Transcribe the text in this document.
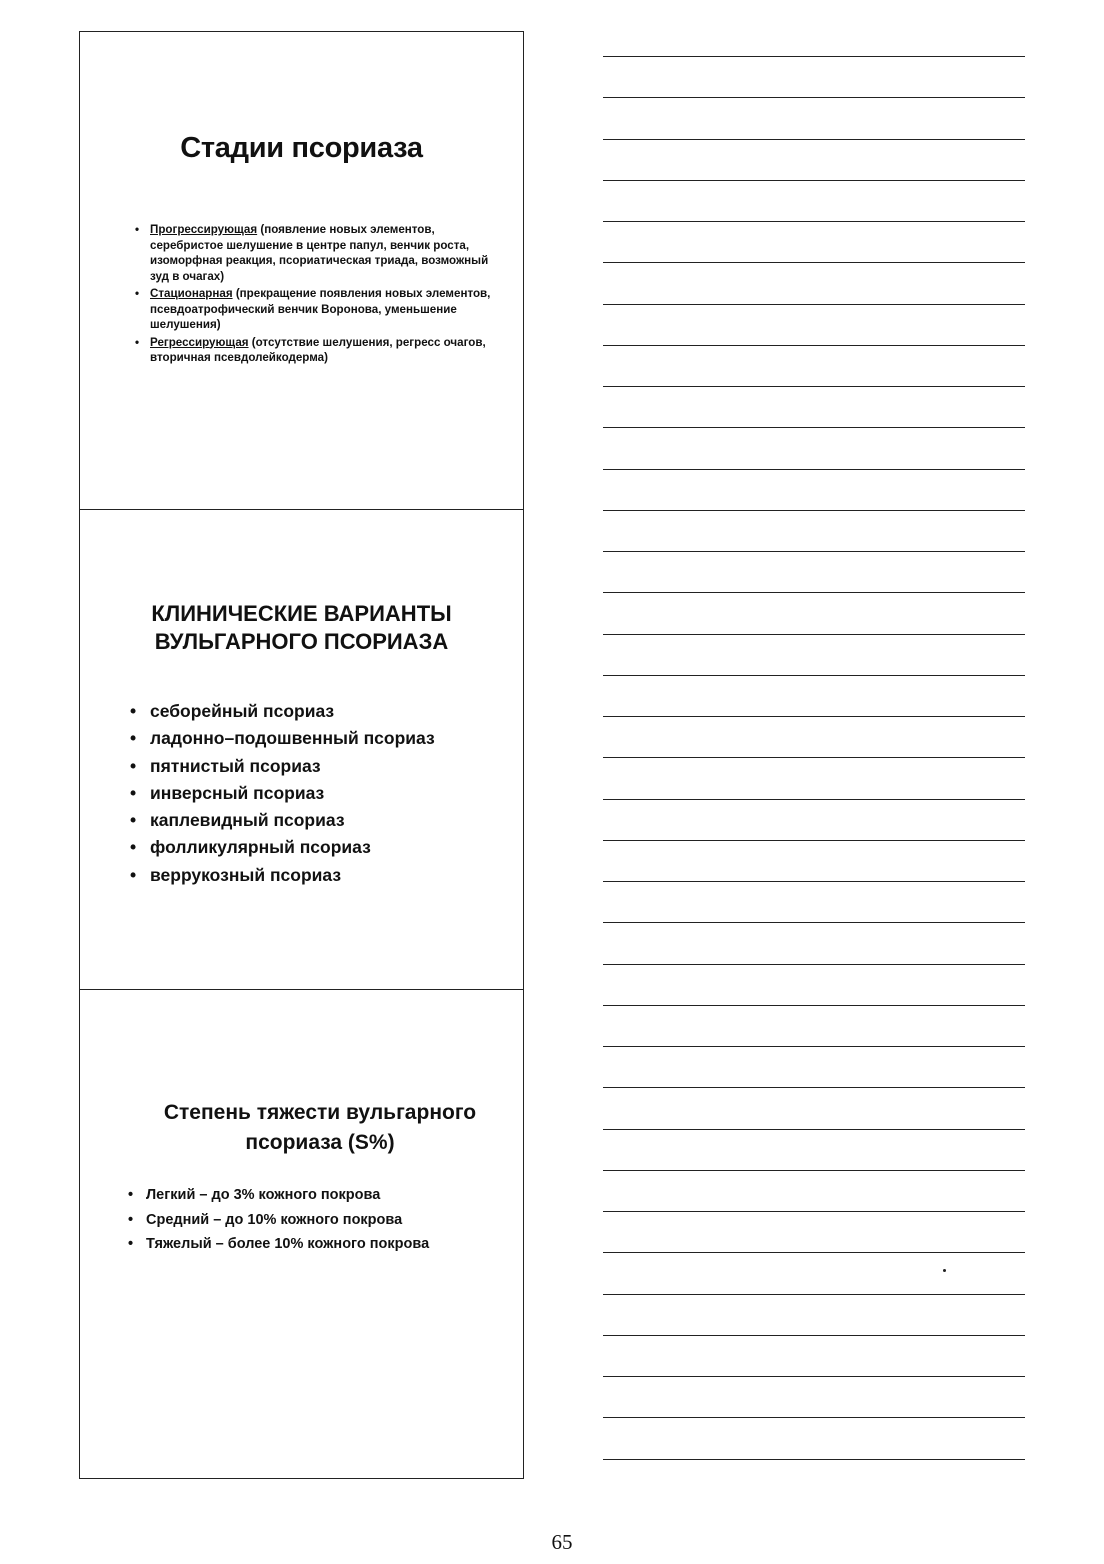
Стадии псориаза
• Прогрессирующая (появление новых элементов, серебристое шелушение в центре папул, венчик роста, изоморфная реакция, псориатическая триада, возможный зуд в очагах)
• Стационарная (прекращение появления новых элементов, псевдоатрофический венчик Воронова, уменьшение шелушения)
• Регрессирующая (отсутствие шелушения, регресс очагов, вторичная псевдолейкодерма)
КЛИНИЧЕСКИЕ ВАРИАНТЫ
ВУЛЬГАРНОГО ПСОРИАЗА
• себорейный псориаз
• ладонно–подошвенный псориаз
• пятнистый псориаз
• инверсный псориаз
• каплевидный псориаз
• фолликулярный псориаз
• веррукозный псориаз
Степень тяжести вульгарного
псориаза (S%)
• Легкий – до 3% кожного покрова
• Средний – до 10% кожного покрова
• Тяжелый – более 10% кожного покрова
65
